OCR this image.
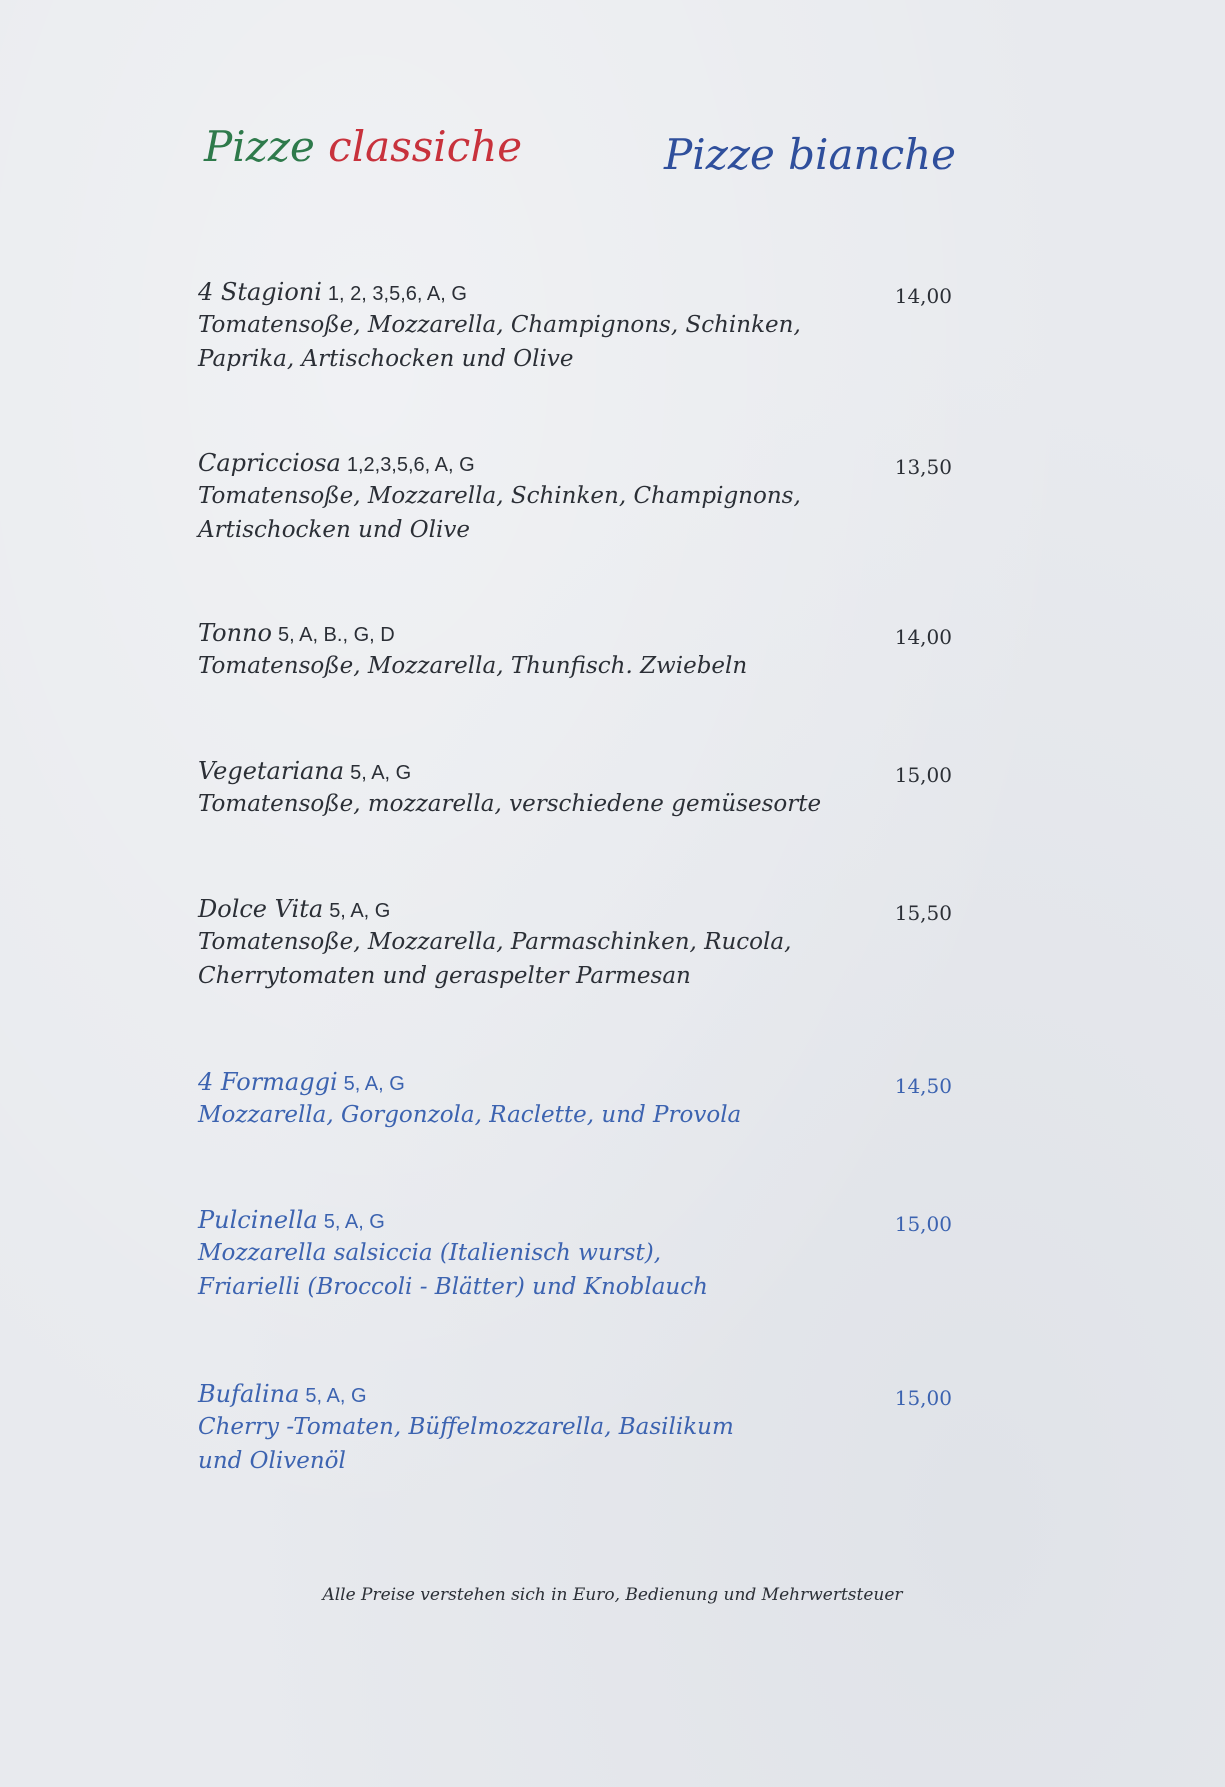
Pizze classiche	Pizze bianche
4 Stagioni 1, 2, 3,5,6, A, G	14,00
Tomatensoße, Mozzarella, Champignons, Schinken,
Paprika, Artischocken und Olive
Capricciosa 1,2,3,5,6, A, G	13,50
Tomatensoße, Mozzarella, Schinken, Champignons,
Artischocken und Olive
Tonno 5, A, B., G, D	14,00
Tomatensoße, Mozzarella, Thunfisch. Zwiebeln
Vegetariana 5, A, G	15,00
Tomatensoße, mozzarella, verschiedene gemüsesorte
Dolce Vita 5, A, G	15,50
Tomatensoße, Mozzarella, Parmaschinken, Rucola,
Cherrytomaten und geraspelter Parmesan
4 Formaggi 5, A, G	14,50
Mozzarella, Gorgonzola, Raclette, und Provola
Pulcinella 5, A, G	15,00
Mozzarella salsiccia (Italienisch wurst),
Friarielli (Broccoli - Blätter) und Knoblauch
Bufalina 5, A, G	15,00
Cherry -Tomaten, Büffelmozzarella, Basilikum
und Olivenöl
Alle Preise verstehen sich in Euro, Bedienung und Mehrwertsteuer
